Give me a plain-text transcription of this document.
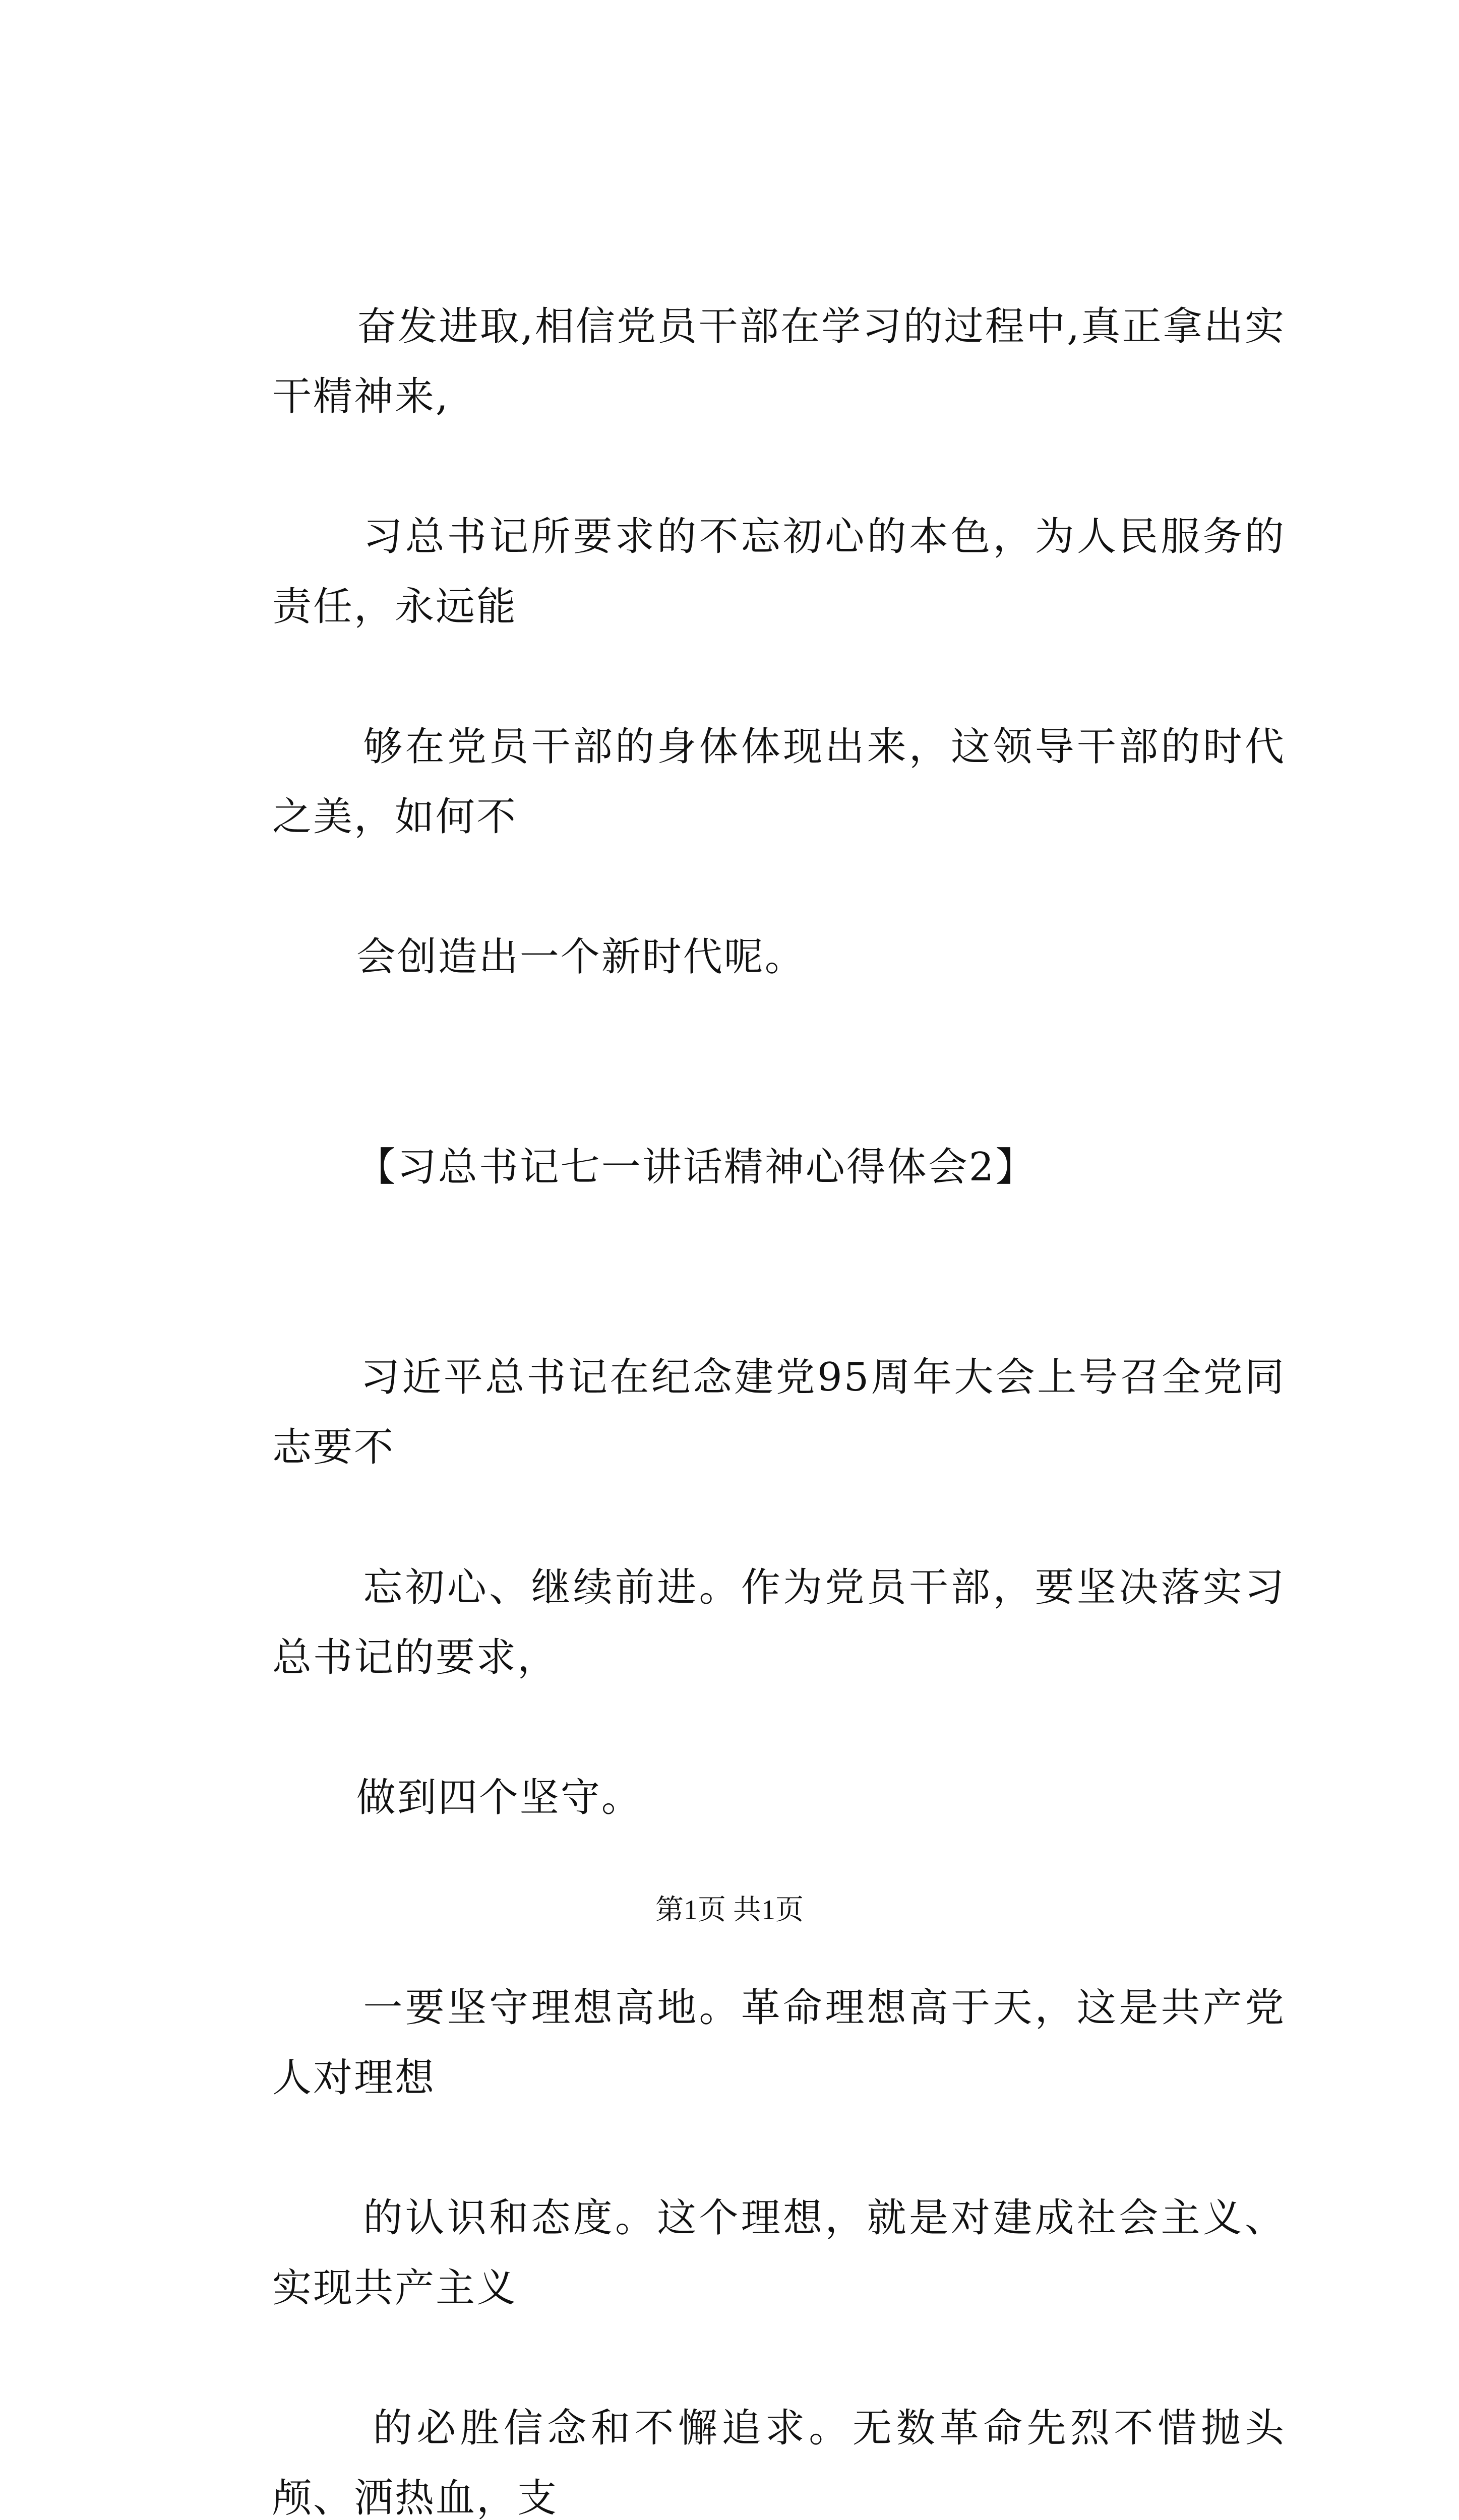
奋发进取,相信党员干部在学习的过程中,真正拿出实干精神来,

习总书记所要求的不忘初心的本色，为人民服务的责任，永远能

够在党员干部的身体体现出来，这领导干部的时代之美，如何不

会创造出一个新时代呢。

【习总书记七一讲话精神心得体会2】

习近平总书记在纪念建党95周年大会上号召全党同志要不

忘初心、继续前进。作为党员干部，要坚决落实习总书记的要求，

做到四个坚守。

一要坚守理想高地。革命理想高于天，这是共产党人对理想

的认识和态度。这个理想，就是对建成社会主义、实现共产主义

的必胜信念和不懈追求。无数革命先烈不惜抛头颅、洒热血，支

第1页 共1页
